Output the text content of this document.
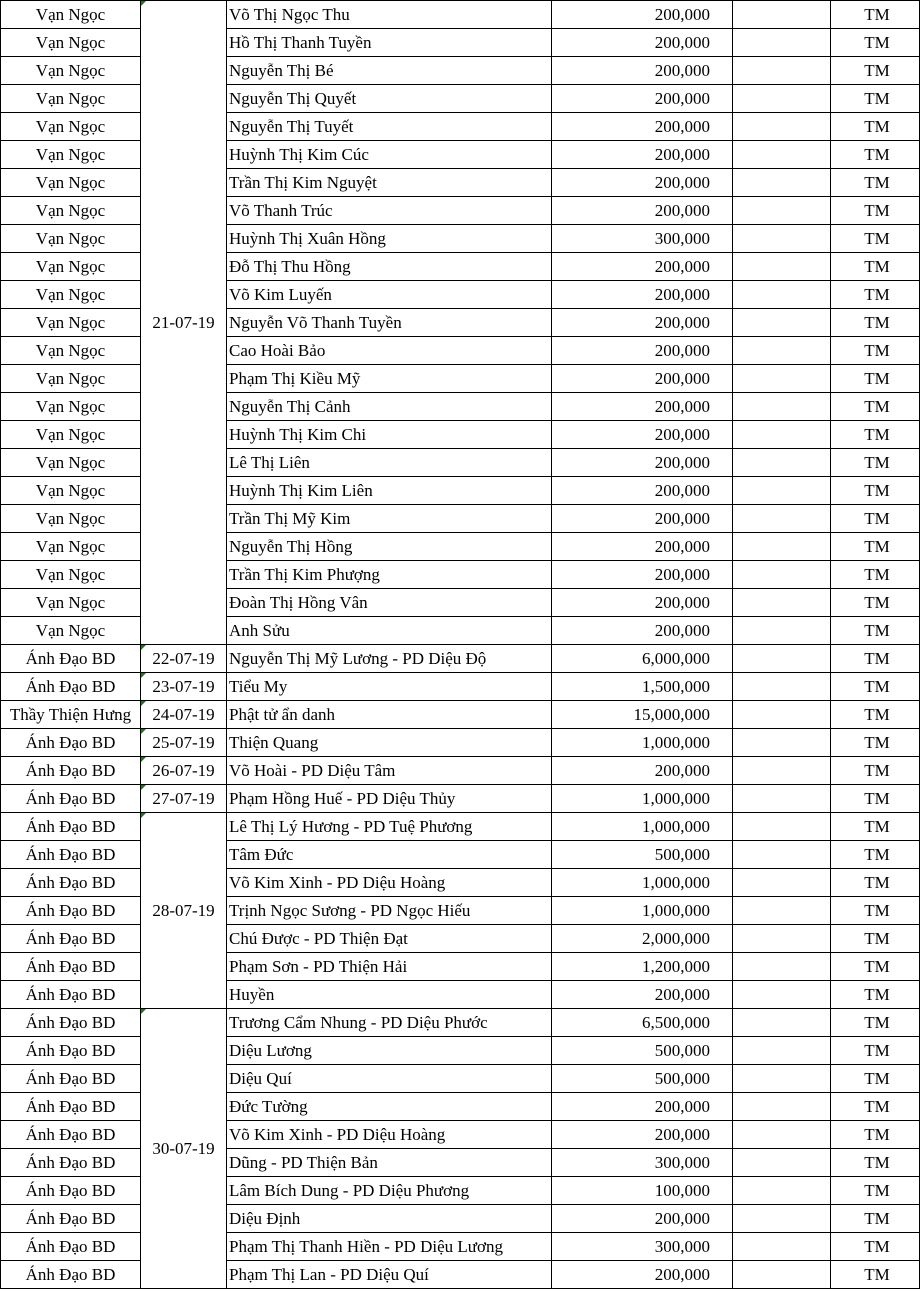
Vạn Ngọc	21-07-19	Võ Thị Ngọc Thu	200,000		TM
Vạn Ngọc		Hồ Thị Thanh Tuyền	200,000		TM
Vạn Ngọc		Nguyễn Thị Bé	200,000		TM
Vạn Ngọc		Nguyễn Thị Quyết	200,000		TM
Vạn Ngọc		Nguyễn Thị Tuyết	200,000		TM
Vạn Ngọc		Huỳnh Thị Kim Cúc	200,000		TM
Vạn Ngọc		Trần Thị Kim Nguyệt	200,000		TM
Vạn Ngọc		Võ Thanh Trúc	200,000		TM
Vạn Ngọc		Huỳnh Thị Xuân Hồng	300,000		TM
Vạn Ngọc		Đỗ Thị Thu Hồng	200,000		TM
Vạn Ngọc		Võ Kim Luyến	200,000		TM
Vạn Ngọc		Nguyễn Võ Thanh Tuyền	200,000		TM
Vạn Ngọc		Cao Hoài Bảo	200,000		TM
Vạn Ngọc		Phạm Thị Kiều Mỹ	200,000		TM
Vạn Ngọc		Nguyễn Thị Cảnh	200,000		TM
Vạn Ngọc		Huỳnh Thị Kim Chi	200,000		TM
Vạn Ngọc		Lê Thị Liên	200,000		TM
Vạn Ngọc		Huỳnh Thị Kim Liên	200,000		TM
Vạn Ngọc		Trần Thị Mỹ Kim	200,000		TM
Vạn Ngọc		Nguyễn Thị Hồng	200,000		TM
Vạn Ngọc		Trần Thị Kim Phượng	200,000		TM
Vạn Ngọc		Đoàn Thị Hồng Vân	200,000		TM
Vạn Ngọc		Anh Sửu	200,000		TM
Ánh Đạo BD	22-07-19	Nguyễn Thị Mỹ Lương - PD Diệu Độ	6,000,000		TM
Ánh Đạo BD	23-07-19	Tiểu My	1,500,000		TM
Thầy Thiện Hưng	24-07-19	Phật tử ẩn danh	15,000,000		TM
Ánh Đạo BD	25-07-19	Thiện Quang	1,000,000		TM
Ánh Đạo BD	26-07-19	Võ Hoài - PD Diệu Tâm	200,000		TM
Ánh Đạo BD	27-07-19	Phạm Hồng Huế - PD Diệu Thủy	1,000,000		TM
Ánh Đạo BD	28-07-19	Lê Thị Lý Hương - PD Tuệ Phương	1,000,000		TM
Ánh Đạo BD		Tâm Đức	500,000		TM
Ánh Đạo BD		Võ Kim Xinh - PD Diệu Hoàng	1,000,000		TM
Ánh Đạo BD		Trịnh Ngọc Sương - PD Ngọc Hiếu	1,000,000		TM
Ánh Đạo BD		Chú Được - PD Thiện Đạt	2,000,000		TM
Ánh Đạo BD		Phạm Sơn - PD Thiện Hải	1,200,000		TM
Ánh Đạo BD		Huyền	200,000		TM
Ánh Đạo BD	30-07-19	Trương Cẩm Nhung - PD Diệu Phước	6,500,000		TM
Ánh Đạo BD		Diệu Lương	500,000		TM
Ánh Đạo BD		Diệu Quí	500,000		TM
Ánh Đạo BD		Đức Tường	200,000		TM
Ánh Đạo BD		Võ Kim Xinh - PD Diệu Hoàng	200,000		TM
Ánh Đạo BD		Dũng - PD Thiện Bản	300,000		TM
Ánh Đạo BD		Lâm Bích Dung - PD Diệu Phương	100,000		TM
Ánh Đạo BD		Diệu Định	200,000		TM
Ánh Đạo BD		Phạm Thị Thanh Hiền - PD Diệu Lương	300,000		TM
Ánh Đạo BD		Phạm Thị Lan - PD Diệu Quí	200,000		TM
